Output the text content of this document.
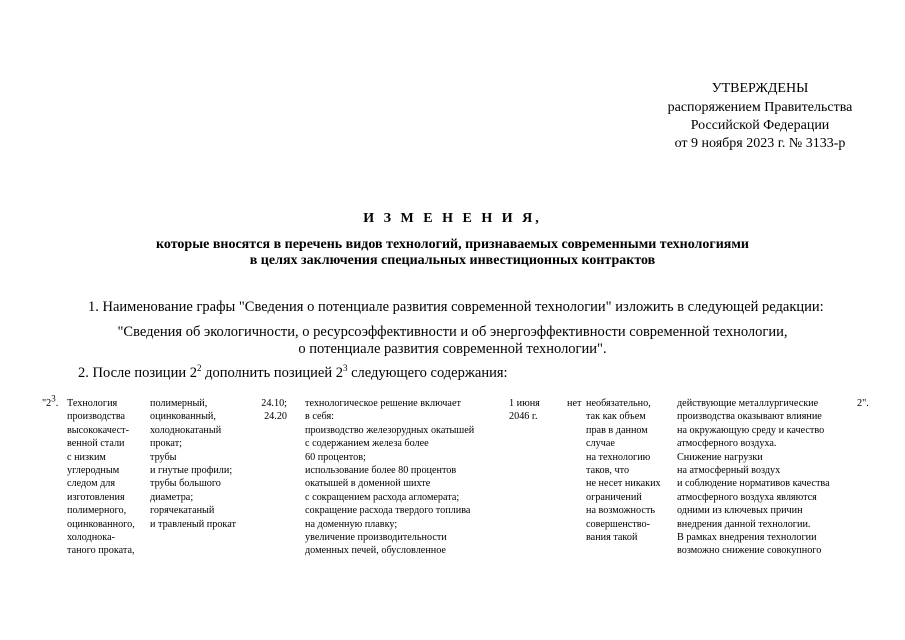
УТВЕРЖДЕНЫ
распоряжением Правительства
Российской Федерации
от 9 ноября 2023 г. № 3133-р
И З М Е Н Е Н И Я,
которые вносятся в перечень видов технологий, признаваемых современными технологиями
в целях заключения специальных инвестиционных контрактов
1. Наименование графы "Сведения о потенциале развития современной технологии" изложить в следующей редакции:
"Сведения об экологичности, о ресурсоэффективности и об энергоэффективности современной технологии,
о потенциале развития современной технологии".
2. После позиции $2^2$ дополнить позицией $2^3$ следующего содержания:
"$2^3$. Технология
производства
высококачест-
венной стали
с низким
углеродным
следом для
изготовления
полимерного,
оцинкованного,
холоднока-
таного проката,
полимерный,
оцинкованный,
холоднокатаный
прокат;
трубы
и гнутые профили;
трубы большого
диаметра;
горячекатаный
и травленый прокат
24.10;
24.20
технологическое решение включает
в себя:
производство железорудных окатышей
с содержанием железа более
60 процентов;
использование более 80 процентов
окатышей в доменной шихте
с сокращением расхода агломерата;
сокращение расхода твердого топлива
на доменную плавку;
увеличение производительности
доменных печей, обусловленное
1 июня
2046 г.
нет необязательно,
так как объем
прав в данном
случае
на технологию
таков, что
не несет никаких
ограничений
на возможность
совершенство-
вания такой
действующие металлургические
производства оказывают влияние
на окружающую среду и качество
атмосферного воздуха.
Снижение нагрузки
на атмосферный воздух
и соблюдение нормативов качества
атмосферного воздуха являются
одними из ключевых причин
внедрения данной технологии.
В рамках внедрения технологии
возможно снижение совокупного
2".
